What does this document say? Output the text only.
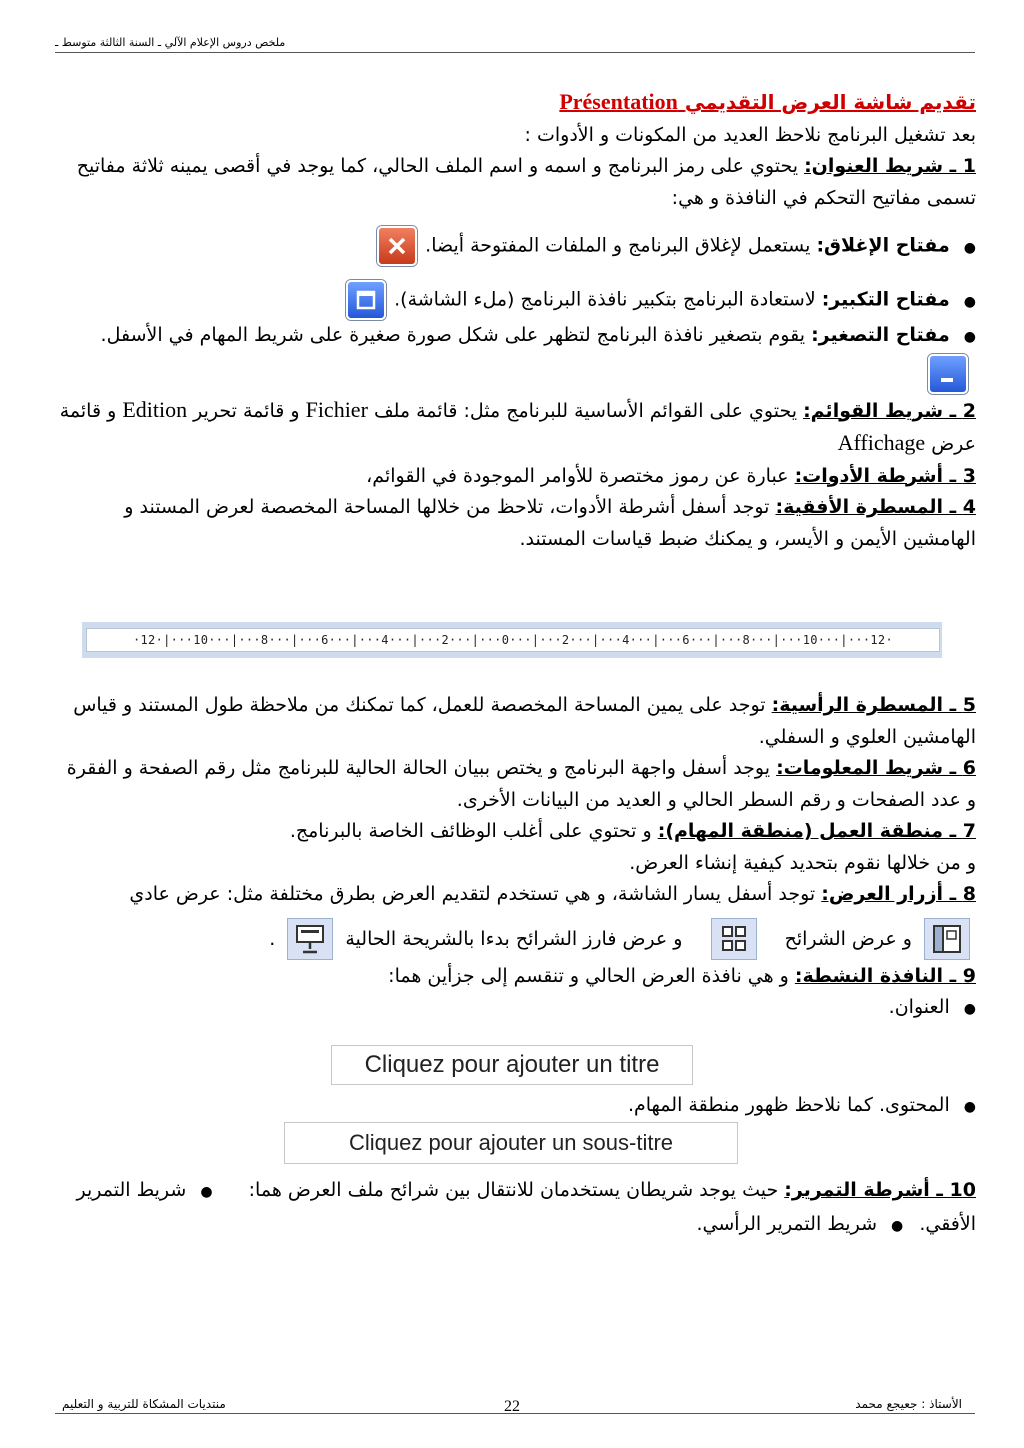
ملخص دروس الإعلام الآلي ـ السنة الثالثة متوسط ـ

تقديم شاشة العرض التقديمي Présentation

بعد تشغيل البرنامج نلاحظ العديد من المكونات و الأدوات :

1 ـ شريط العنوان: يحتوي على رمز البرنامج و اسمه و اسم الملف الحالي، كما يوجد في أقصى يمينه ثلاثة مفاتيح تسمى مفاتيح التحكم في النافذة و هي:

● مفتاح الإغلاق: يستعمل لإغلاق البرنامج و الملفات المفتوحة أيضا.

● مفتاح التكبير: لاستعادة البرنامج بتكبير نافذة البرنامج (ملء الشاشة).

● مفتاح التصغير: يقوم بتصغير نافذة البرنامج لتظهر على شكل صورة صغيرة على شريط المهام في الأسفل.

2 ـ شريط القوائم: يحتوي على القوائم الأساسية للبرنامج مثل: قائمة ملف Fichier و قائمة تحرير Edition و قائمة عرض Affichage

3 ـ أشرطة الأدوات: عبارة عن رموز مختصرة للأوامر الموجودة في القوائم،

4 ـ المسطرة الأفقية: توجد أسفل أشرطة الأدوات، تلاحظ من خلالها المساحة المخصصة لعرض المستند و الهامشين الأيمن و الأيسر، و يمكنك ضبط قياسات المستند.

·12·|···10···|···8···|···6···|···4···|···2···|···0···|···2···|···4···|···6···|···8···|···10···|···12·

5 ـ المسطرة الرأسية: توجد على يمين المساحة المخصصة للعمل، كما تمكنك من ملاحظة طول المستند و قياس الهامشين العلوي و السفلي.

6 ـ شريط المعلومات: يوجد أسفل واجهة البرنامج و يختص ببيان الحالة الحالية للبرنامج مثل رقم الصفحة و الفقرة و عدد الصفحات و رقم السطر الحالي و العديد من البيانات الأخرى.

7 ـ منطقة العمل (منطقة المهام): و تحتوي على أغلب الوظائف الخاصة بالبرنامج.

و من خلالها نقوم بتحديد كيفية إنشاء العرض.

8 ـ أزرار العرض: توجد أسفل يسار الشاشة، و هي تستخدم لتقديم العرض بطرق مختلفة مثل: عرض عادي

و عرض الشرائح  و عرض فارز الشرائح بدءا بالشريحة الحالية  .

9 ـ النافذة النشطة: و هي نافذة العرض الحالي و تنقسم إلى جزأين هما:

● العنوان.

Cliquez pour ajouter un titre

● المحتوى. كما نلاحظ ظهور منطقة المهام.

Cliquez pour ajouter un sous-titre

10 ـ أشرطة التمرير: حيث يوجد شريطان يستخدمان للانتقال بين شرائح ملف العرض هما: ● شريط التمرير الأفقي. ● شريط التمرير الرأسي.

منتديات المشكاة للتربية و التعليم	22	الأستاذ : جعيجع محمد
